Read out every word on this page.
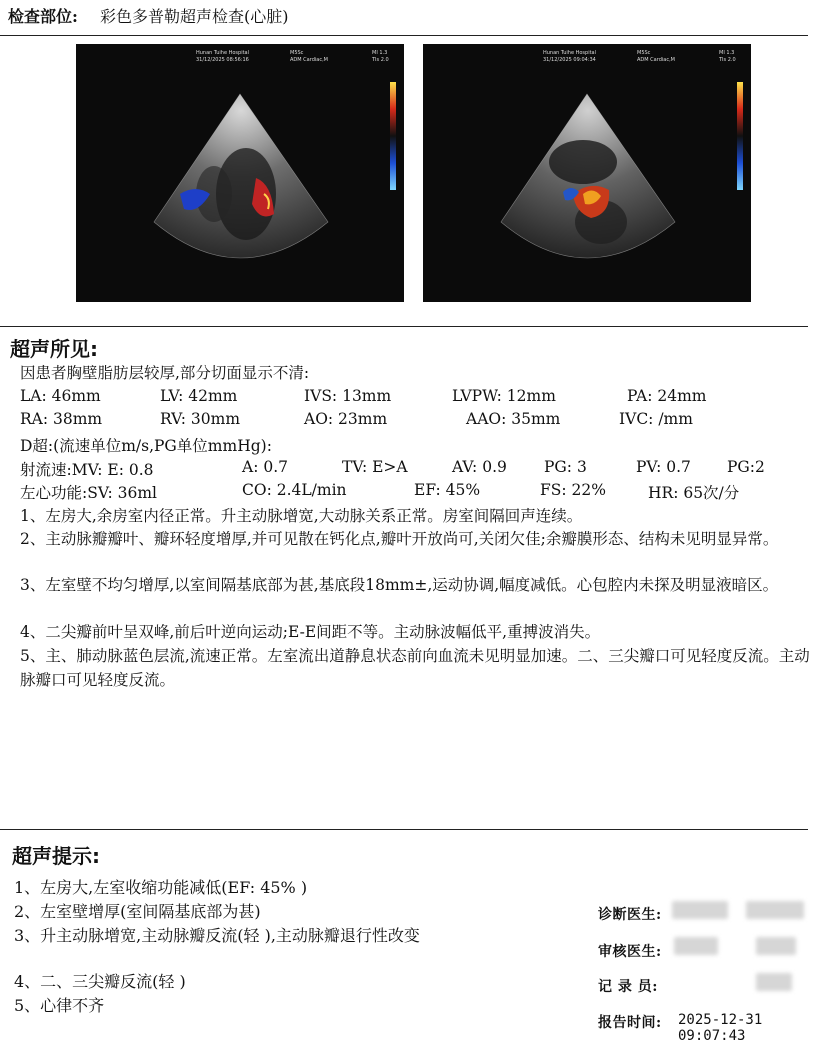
检查部位: 彩色多普勒超声检查(心脏)
Hunan Tuihe Hospital
31/12/2025 08:56:16
M5Sc
ADM Cardiac,M
MI 1.3
TIs 2.0
Hunan Tuihe Hospital
31/12/2025 09:04:34
M5Sc
ADM Cardiac,M
MI 1.3
TIs 2.0
超声所见:
因患者胸壁脂肪层较厚,部分切面显示不清:
LA: 46mm	LV: 42mm	IVS: 13mm	LVPW: 12mm	PA: 24mm
RA: 38mm	RV: 30mm	AO: 23mm	AAO: 35mm	IVC: /mm
D超:(流速单位m/s,PG单位mmHg):
射流速:MV: E: 0.8	A: 0.7	TV: E>A	AV: 0.9 PG: 3	PV: 0.7 PG:2
左心功能:SV: 36ml	CO: 2.4L/min	EF: 45%	FS: 22%	HR: 65次/分
1、左房大,余房室内径正常。升主动脉增宽,大动脉关系正常。房室间隔回声连续。
2、主动脉瓣瓣叶、瓣环轻度增厚,并可见散在钙化点,瓣叶开放尚可,关闭欠佳;余瓣膜形态、结构未见明显异常。
3、左室壁不均匀增厚,以室间隔基底部为甚,基底段18mm±,运动协调,幅度减低。心包腔内未探及明显液暗区。
4、二尖瓣前叶呈双峰,前后叶逆向运动;E-E间距不等。主动脉波幅低平,重搏波消失。
5、主、肺动脉蓝色层流,流速正常。左室流出道静息状态前向血流未见明显加速。二、三尖瓣口可见轻度反流。主动脉瓣口可见轻度反流。
超声提示:
1、左房大,左室收缩功能减低(EF: 45% )
2、左室壁增厚(室间隔基底部为甚)
3、升主动脉增宽,主动脉瓣反流(轻 ),主动脉瓣退行性改变
4、二、三尖瓣反流(轻 )
5、心律不齐
诊断医生:
审核医生:
记 录 员:
报告时间: 2025-12-31 09:07:43
